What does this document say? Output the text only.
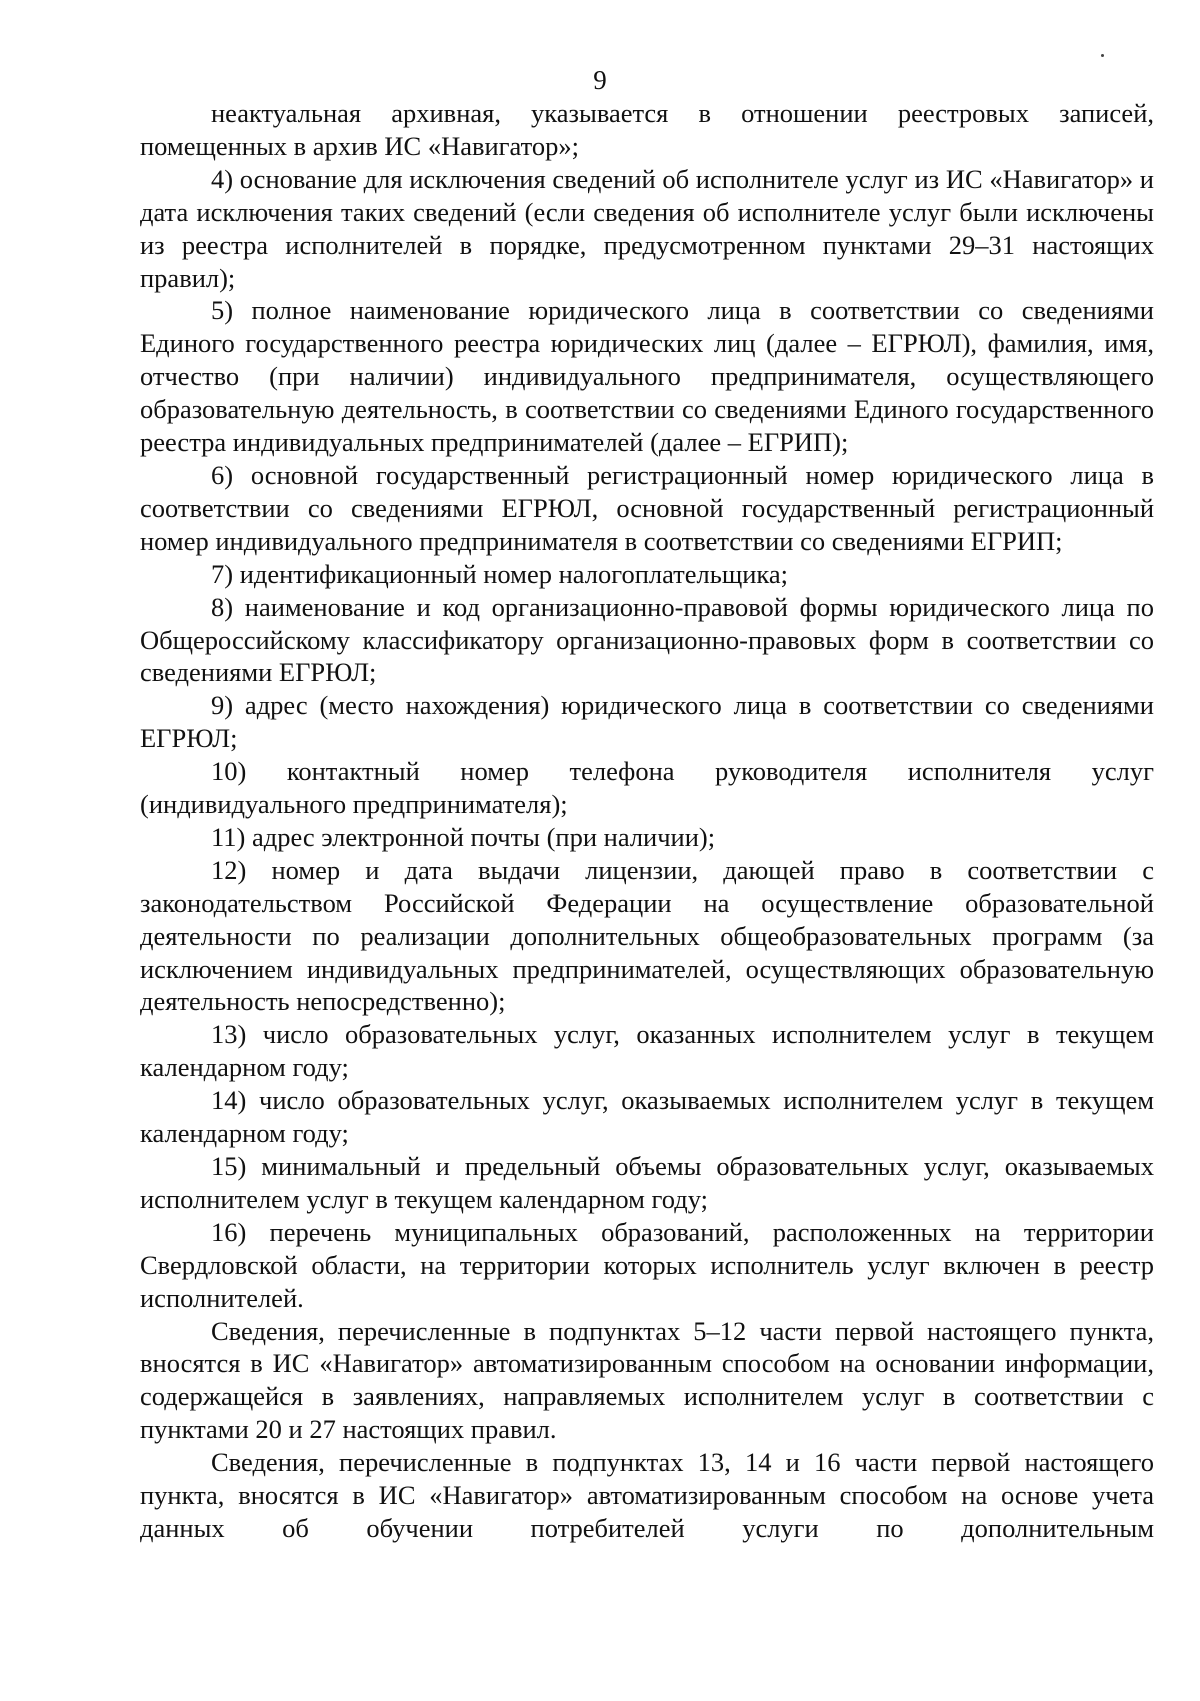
9

неактуальная архивная, указывается в отношении реестровых записей, помещенных в архив ИС «Навигатор»;

4) основание для исключения сведений об исполнителе услуг из ИС «Навигатор» и дата исключения таких сведений (если сведения об исполнителе услуг были исключены из реестра исполнителей в порядке, предусмотренном пунктами 29–31 настоящих правил);

5) полное наименование юридического лица в соответствии со сведениями Единого государственного реестра юридических лиц (далее – ЕГРЮЛ), фамилия, имя, отчество (при наличии) индивидуального предпринимателя, осуществляющего образовательную деятельность, в соответствии со сведениями Единого государственного реестра индивидуальных предпринимателей (далее – ЕГРИП);

6) основной государственный регистрационный номер юридического лица в соответствии со сведениями ЕГРЮЛ, основной государственный регистрационный номер индивидуального предпринимателя в соответствии со сведениями ЕГРИП;

7) идентификационный номер налогоплательщика;

8) наименование и код организационно-правовой формы юридического лица по Общероссийскому классификатору организационно-правовых форм в соответствии со сведениями ЕГРЮЛ;

9) адрес (место нахождения) юридического лица в соответствии со сведениями ЕГРЮЛ;

10) контактный номер телефона руководителя исполнителя услуг (индивидуального предпринимателя);

11) адрес электронной почты (при наличии);

12) номер и дата выдачи лицензии, дающей право в соответствии с законодательством Российской Федерации на осуществление образовательной деятельности по реализации дополнительных общеобразовательных программ (за исключением индивидуальных предпринимателей, осуществляющих образовательную деятельность непосредственно);

13) число образовательных услуг, оказанных исполнителем услуг в текущем календарном году;

14) число образовательных услуг, оказываемых исполнителем услуг в текущем календарном году;

15) минимальный и предельный объемы образовательных услуг, оказываемых исполнителем услуг в текущем календарном году;

16) перечень муниципальных образований, расположенных на территории Свердловской области, на территории которых исполнитель услуг включен в реестр исполнителей.

Сведения, перечисленные в подпунктах 5–12 части первой настоящего пункта, вносятся в ИС «Навигатор» автоматизированным способом на основании информации, содержащейся в заявлениях, направляемых исполнителем услуг в соответствии с пунктами 20 и 27 настоящих правил.

Сведения, перечисленные в подпунктах 13, 14 и 16 части первой настоящего пункта, вносятся в ИС «Навигатор» автоматизированным способом на основе учета данных об обучении потребителей услуги по дополнительным
